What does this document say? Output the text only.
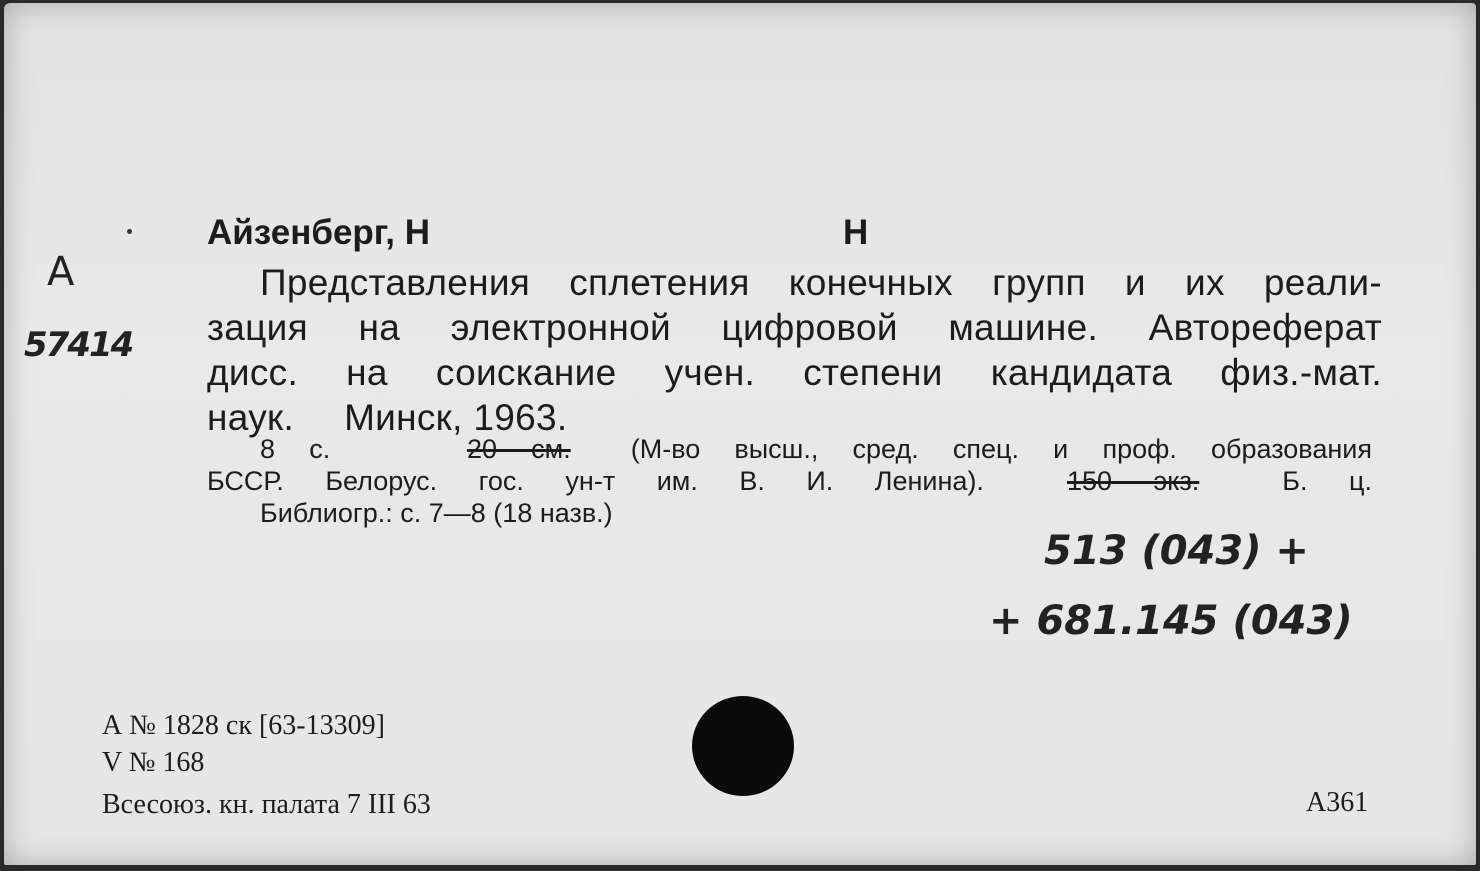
А
57414
Айзенберг, Н	Н
Представления сплетения конечных групп и их реали-
зация на электронной цифровой машине. Автореферат
дисс. на соискание учен. степени кандидата физ.-мат.
наук. Минск, 1963.
8 с.	20 см. (М-во высш., сред. спец. и проф. образования
БССР. Белорус. гос. ун-т им. В. И. Ленина).	150 экз.	Б. ц.
Библиогр.: с. 7—8 (18 назв.)
513 (043) +
+ 681.145 (043)
А № 1828 ск [63-13309]
V № 168
Всесоюз. кн. палата 7 III 63	А361
